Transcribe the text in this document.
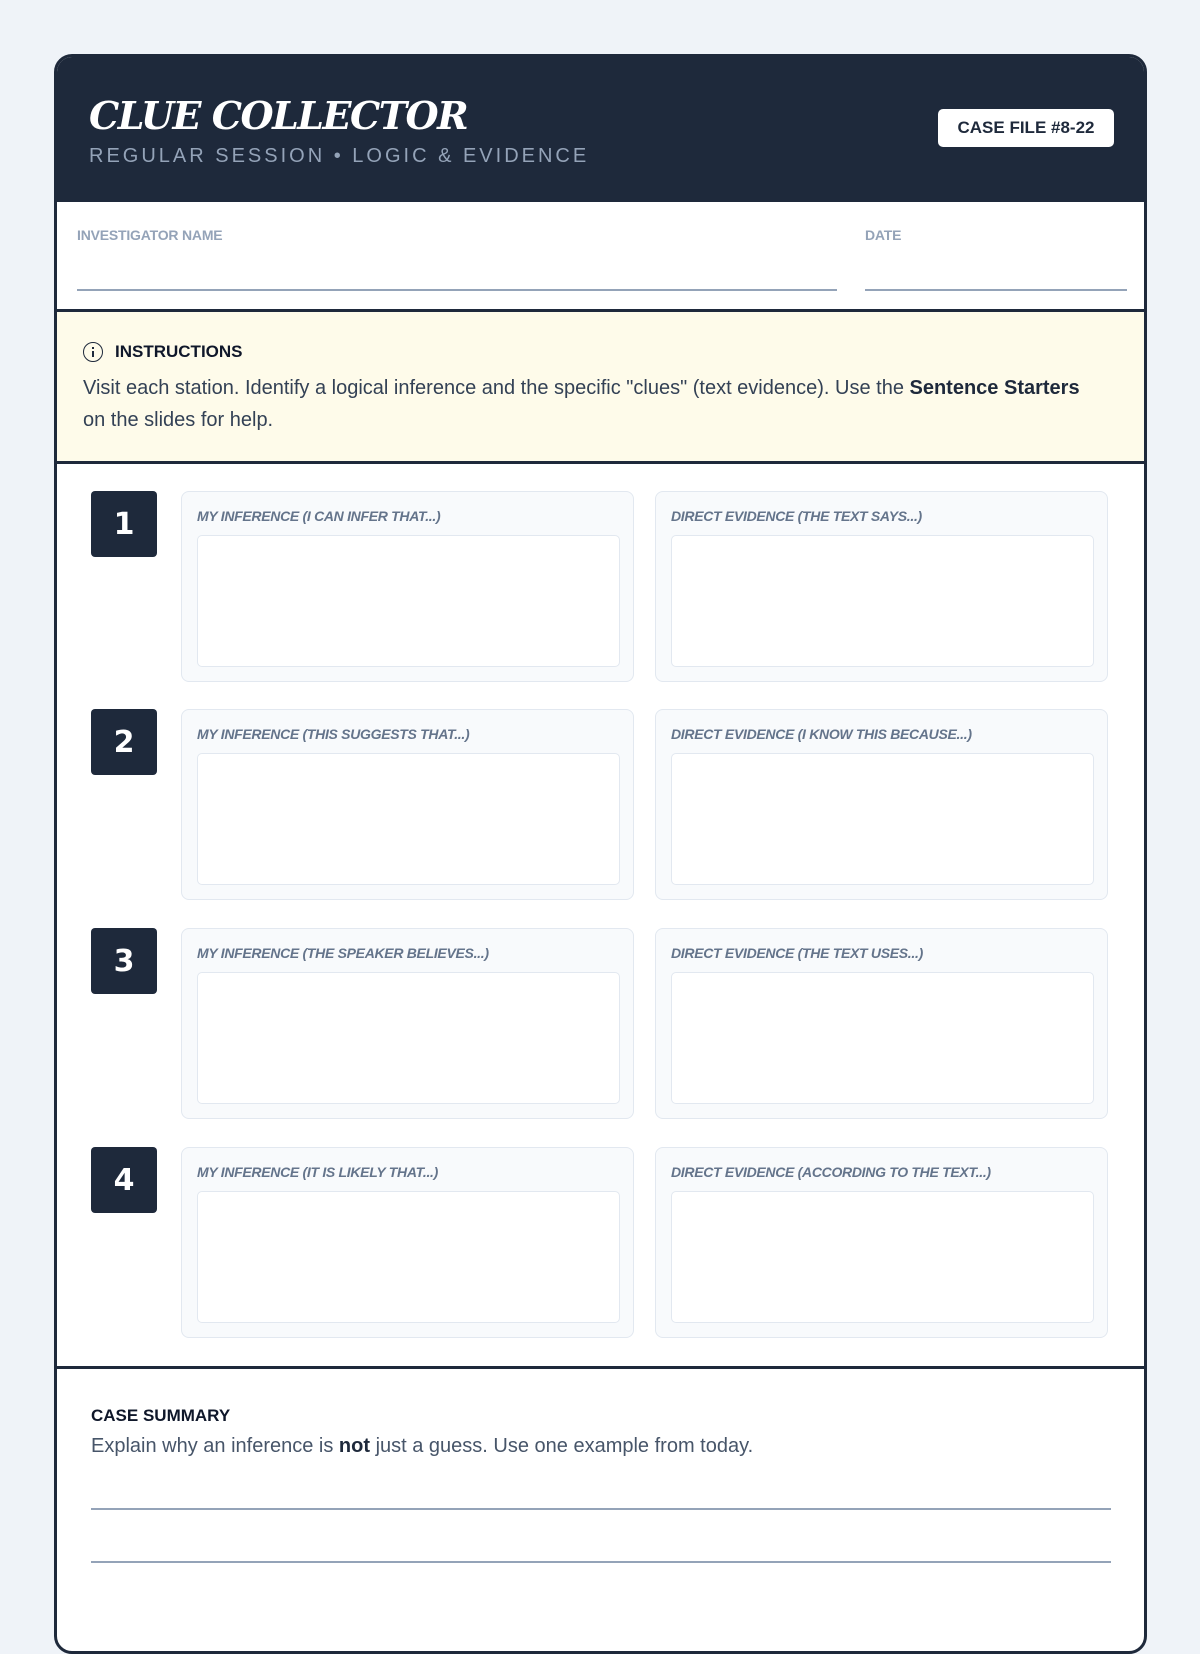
CLUE COLLECTOR
REGULAR SESSION • LOGIC & EVIDENCE
CASE FILE #8-22
INVESTIGATOR NAME	DATE
INSTRUCTIONS
Visit each station. Identify a logical inference and the specific "clues" (text evidence). Use the Sentence Starters on the slides for help.
1	MY INFERENCE (I CAN INFER THAT...)	DIRECT EVIDENCE (THE TEXT SAYS...)
2	MY INFERENCE (THIS SUGGESTS THAT...)	DIRECT EVIDENCE (I KNOW THIS BECAUSE...)
3	MY INFERENCE (THE SPEAKER BELIEVES...)	DIRECT EVIDENCE (THE TEXT USES...)
4	MY INFERENCE (IT IS LIKELY THAT...)	DIRECT EVIDENCE (ACCORDING TO THE TEXT...)
CASE SUMMARY
Explain why an inference is not just a guess. Use one example from today.
